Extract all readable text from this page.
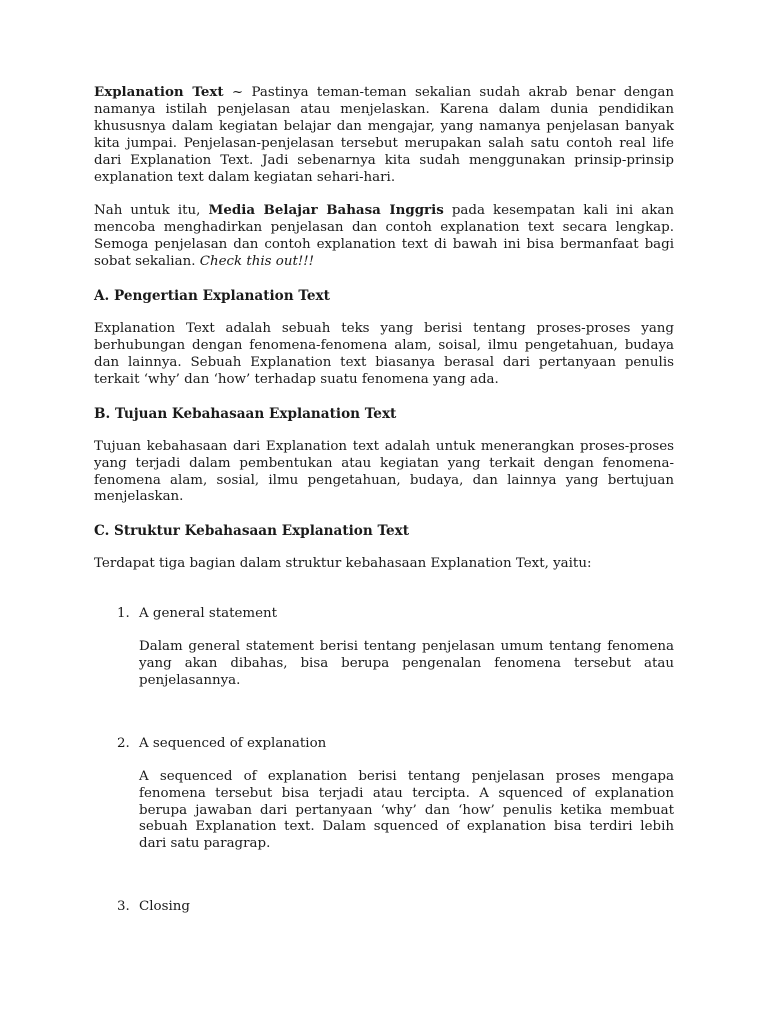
Explanation Text ~ Pastinya teman-teman sekalian sudah akrab benar dengan namanya istilah penjelasan atau menjelaskan. Karena dalam dunia pendidikan khususnya dalam kegiatan belajar dan mengajar, yang namanya penjelasan banyak kita jumpai. Penjelasan-penjelasan tersebut merupakan salah satu contoh real life dari Explanation Text. Jadi sebenarnya kita sudah menggunakan prinsip-prinsip explanation text dalam kegiatan sehari-hari.

Nah untuk itu, Media Belajar Bahasa Inggris pada kesempatan kali ini akan mencoba menghadirkan penjelasan dan contoh explanation text secara lengkap. Semoga penjelasan dan contoh explanation text di bawah ini bisa bermanfaat bagi sobat sekalian. Check this out!!!

A. Pengertian Explanation Text

Explanation Text adalah sebuah teks yang berisi tentang proses-proses yang berhubungan dengan fenomena-fenomena alam, soisal, ilmu pengetahuan, budaya dan lainnya. Sebuah Explanation text biasanya berasal dari pertanyaan penulis terkait ‘why’ dan ‘how’ terhadap suatu fenomena yang ada.

B. Tujuan Kebahasaan Explanation Text

Tujuan kebahasaan dari Explanation text adalah untuk menerangkan proses-proses yang terjadi dalam pembentukan atau kegiatan yang terkait dengan fenomena-fenomena alam, sosial, ilmu pengetahuan, budaya, dan lainnya yang bertujuan menjelaskan.

C. Struktur Kebahasaan Explanation Text

Terdapat tiga bagian dalam struktur kebahasaan Explanation Text, yaitu:

1. A general statement

Dalam general statement berisi tentang penjelasan umum tentang fenomena yang akan dibahas, bisa berupa pengenalan fenomena tersebut atau penjelasannya.

2. A sequenced of explanation

A sequenced of explanation berisi tentang penjelasan proses mengapa fenomena tersebut bisa terjadi atau tercipta. A squenced of explanation berupa jawaban dari pertanyaan ‘why’ dan ‘how’ penulis ketika membuat sebuah Explanation text. Dalam squenced of explanation bisa terdiri lebih dari satu paragrap.

3. Closing
